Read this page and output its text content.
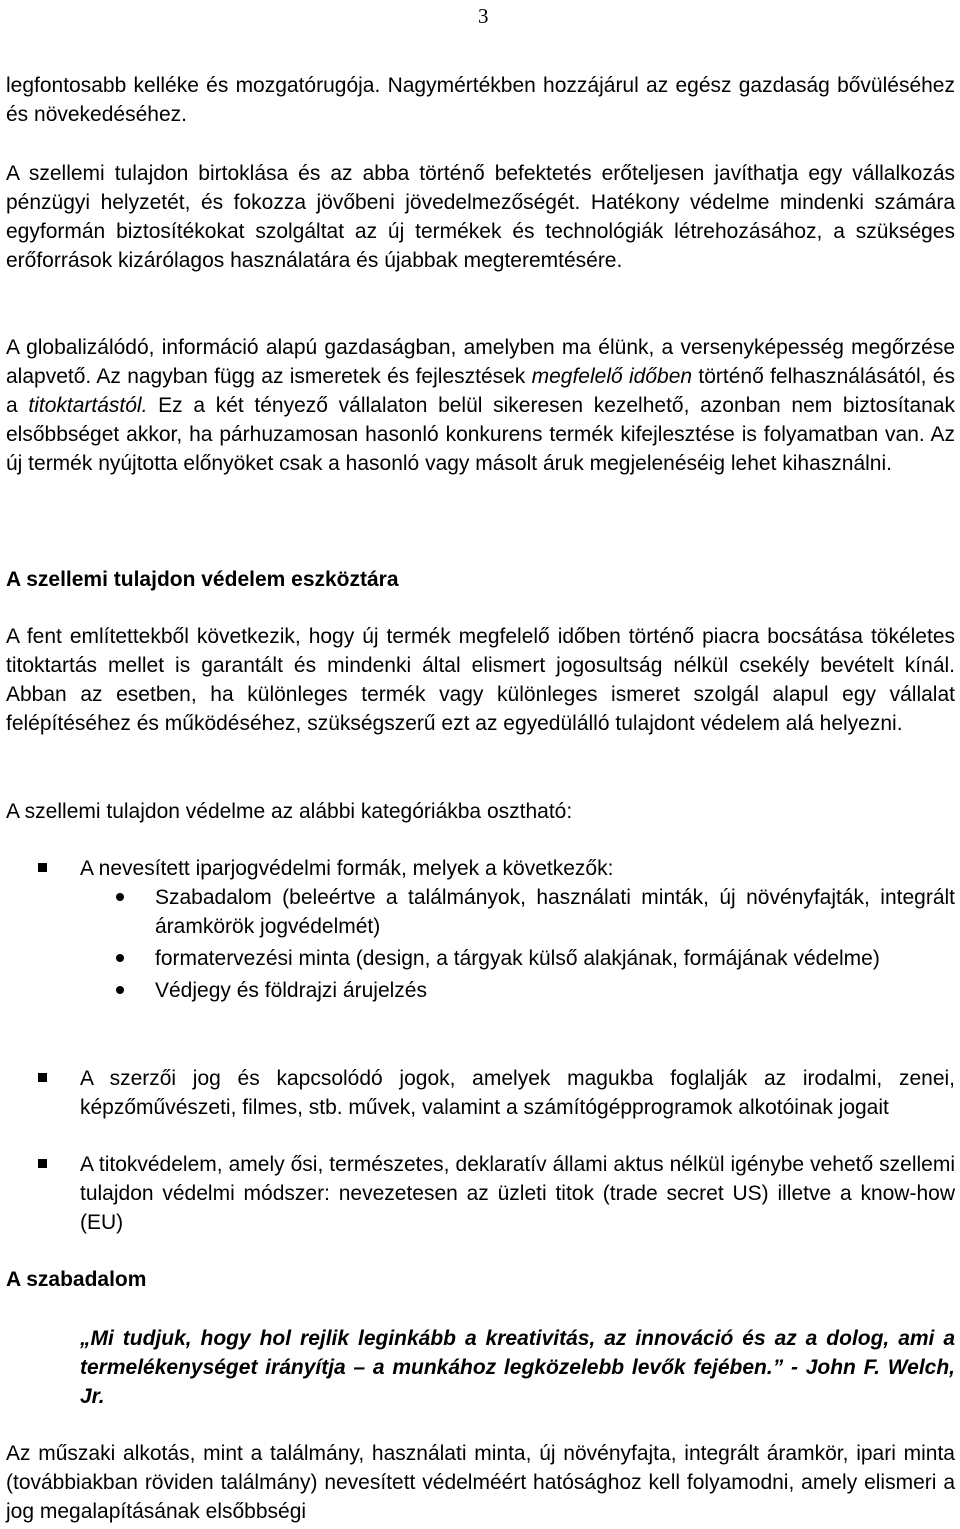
3

legfontosabb kelléke és mozgatórugója. Nagymértékben hozzájárul az egész gazdaság bővüléséhez és növekedéséhez.

A szellemi tulajdon birtoklása és az abba történő befektetés erőteljesen javíthatja egy vállalkozás pénzügyi helyzetét, és fokozza jövőbeni jövedelmezőségét. Hatékony védelme mindenki számára egyformán biztosítékokat szolgáltat az új termékek és technológiák létrehozásához, a szükséges erőforrások kizárólagos használatára és újabbak megteremtésére.

A globalizálódó, információ alapú gazdaságban, amelyben ma élünk, a versenyképesség megőrzése alapvető. Az nagyban függ az ismeretek és fejlesztések megfelelő időben történő felhasználásától, és a titoktartástól. Ez a két tényező vállalaton belül sikeresen kezelhető, azonban nem biztosítanak elsőbbséget akkor, ha párhuzamosan hasonló konkurens termék kifejlesztése is folyamatban van. Az új termék nyújtotta előnyöket csak a hasonló vagy másolt áruk megjelenéséig lehet kihasználni.

A szellemi tulajdon védelem eszköztára

A fent említettekből következik, hogy új termék megfelelő időben történő piacra bocsátása tökéletes titoktartás mellet is garantált és mindenki által elismert jogosultság nélkül csekély bevételt kínál. Abban az esetben, ha különleges termék vagy különleges ismeret szolgál alapul egy vállalat felépítéséhez és működéséhez, szükségszerű ezt az egyedülálló tulajdont védelem alá helyezni.

A szellemi tulajdon védelme az alábbi kategóriákba osztható:

A nevesített iparjogvédelmi formák, melyek a következők:
Szabadalom (beleértve a találmányok, használati minták, új növényfajták, integrált áramkörök jogvédelmét)
formatervezési minta (design, a tárgyak külső alakjának, formájának védelme)
Védjegy és földrajzi árujelzés
A szerzői jog és kapcsolódó jogok, amelyek magukba foglalják az irodalmi, zenei, képzőművészeti, filmes, stb. művek, valamint a számítógépprogramok alkotóinak jogait
A titokvédelem, amely ősi, természetes, deklaratív állami aktus nélkül igénybe vehető szellemi tulajdon védelmi módszer: nevezetesen az üzleti titok (trade secret US) illetve a know-how (EU)
A szabadalom

„Mi tudjuk, hogy hol rejlik leginkább a kreativitás, az innováció és az a dolog, ami a termelékenységet irányítja – a munkához legközelebb levők fejében.” - John F. Welch, Jr.

Az műszaki alkotás, mint a találmány, használati minta, új növényfajta, integrált áramkör, ipari minta (továbbiakban röviden találmány) nevesített védelméért hatósághoz kell folyamodni, amely elismeri a jog megalapításának elsőbbségi
